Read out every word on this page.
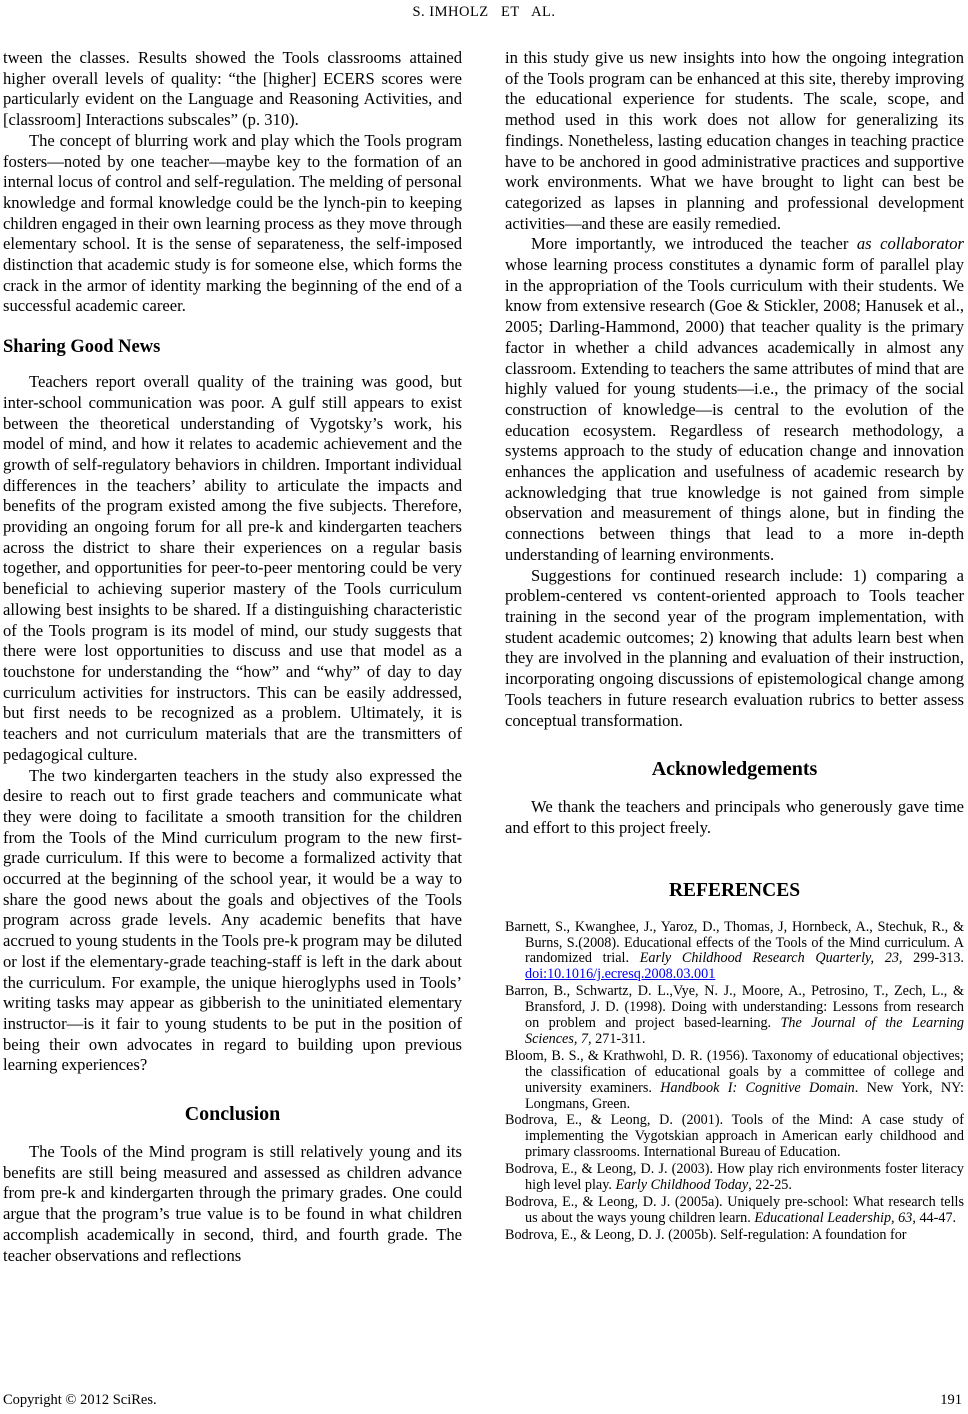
S. IMHOLZ   ET   AL.

tween the classes. Results showed the Tools classrooms attained higher overall levels of quality: “the [higher] ECERS scores were particularly evident on the Language and Reasoning Activities, and [classroom] Interactions subscales” (p. 310).

The concept of blurring work and play which the Tools program fosters—noted by one teacher—maybe key to the formation of an internal locus of control and self-regulation. The melding of personal knowledge and formal knowledge could be the lynch-pin to keeping children engaged in their own learning process as they move through elementary school. It is the sense of separateness, the self-imposed distinction that academic study is for someone else, which forms the crack in the armor of identity marking the beginning of the end of a successful academic career.

Sharing Good News

Teachers report overall quality of the training was good, but inter-school communication was poor. A gulf still appears to exist between the theoretical understanding of Vygotsky’s work, his model of mind, and how it relates to academic achievement and the growth of self-regulatory behaviors in children. Important individual differences in the teachers’ ability to articulate the impacts and benefits of the program existed among the five subjects. Therefore, providing an ongoing forum for all pre-k and kindergarten teachers across the district to share their experiences on a regular basis together, and opportunities for peer-to-peer mentoring could be very beneficial to achieving superior mastery of the Tools curriculum allowing best insights to be shared. If a distinguishing characteristic of the Tools program is its model of mind, our study suggests that there were lost opportunities to discuss and use that model as a touchstone for understanding the “how” and “why” of day to day curriculum activities for instructors. This can be easily addressed, but first needs to be recognized as a problem. Ultimately, it is teachers and not curriculum materials that are the transmitters of pedagogical culture.

The two kindergarten teachers in the study also expressed the desire to reach out to first grade teachers and communicate what they were doing to facilitate a smooth transition for the children from the Tools of the Mind curriculum program to the new first-grade curriculum. If this were to become a formalized activity that occurred at the beginning of the school year, it would be a way to share the good news about the goals and objectives of the Tools program across grade levels. Any academic benefits that have accrued to young students in the Tools pre-k program may be diluted or lost if the elementary-grade teaching-staff is left in the dark about the curriculum. For example, the unique hieroglyphs used in Tools’ writing tasks may appear as gibberish to the uninitiated elementary instructor—is it fair to young students to be put in the position of being their own advocates in regard to building upon previous learning experiences?

Conclusion

The Tools of the Mind program is still relatively young and its benefits are still being measured and assessed as children advance from pre-k and kindergarten through the primary grades. One could argue that the program’s true value is to be found in what children accomplish academically in second, third, and fourth grade. The teacher observations and reflections

in this study give us new insights into how the ongoing integration of the Tools program can be enhanced at this site, thereby improving the educational experience for students. The scale, scope, and method used in this work does not allow for generalizing its findings. Nonetheless, lasting education changes in teaching practice have to be anchored in good administrative practices and supportive work environments. What we have brought to light can best be categorized as lapses in planning and professional development activities—and these are easily remedied.

More importantly, we introduced the teacher as collaborator whose learning process constitutes a dynamic form of parallel play in the appropriation of the Tools curriculum with their students. We know from extensive research (Goe & Stickler, 2008; Hanusek et al., 2005; Darling-Hammond, 2000) that teacher quality is the primary factor in whether a child advances academically in almost any classroom. Extending to teachers the same attributes of mind that are highly valued for young students—i.e., the primacy of the social construction of knowledge—is central to the evolution of the education ecosystem. Regardless of research methodology, a systems approach to the study of education change and innovation enhances the application and usefulness of academic research by acknowledging that true knowledge is not gained from simple observation and measurement of things alone, but in finding the connections between things that lead to a more in-depth understanding of learning environments.

Suggestions for continued research include: 1) comparing a problem-centered vs content-oriented approach to Tools teacher training in the second year of the program implementation, with student academic outcomes; 2) knowing that adults learn best when they are involved in the planning and evaluation of their instruction, incorporating ongoing discussions of epistemological change among Tools teachers in future research evaluation rubrics to better assess conceptual transformation.

Acknowledgements

We thank the teachers and principals who generously gave time and effort to this project freely.

REFERENCES

Barnett, S., Kwanghee, J., Yaroz, D., Thomas, J, Hornbeck, A., Stechuk, R., & Burns, S.(2008). Educational effects of the Tools of the Mind curriculum. A randomized trial. Early Childhood Research Quarterly, 23, 299-313. doi:10.1016/j.ecresq.2008.03.001

Barron, B., Schwartz, D. L.,Vye, N. J., Moore, A., Petrosino, T., Zech, L., & Bransford, J. D. (1998). Doing with understanding: Lessons from research on problem and project based-learning. The Journal of the Learning Sciences, 7, 271-311.

Bloom, B. S., & Krathwohl, D. R. (1956). Taxonomy of educational objectives; the classification of educational goals by a committee of college and university examiners. Handbook I: Cognitive Domain. New York, NY: Longmans, Green.

Bodrova, E., & Leong, D. (2001). Tools of the Mind: A case study of implementing the Vygotskian approach in American early childhood and primary classrooms. International Bureau of Education.

Bodrova, E., & Leong, D. J. (2003). How play rich environments foster literacy high level play. Early Childhood Today, 22-25.

Bodrova, E., & Leong, D. J. (2005a). Uniquely pre-school: What research tells us about the ways young children learn. Educational Leadership, 63, 44-47.

Bodrova, E., & Leong, D. J. (2005b). Self-regulation: A foundation for

Copyright © 2012 SciRes.	191
